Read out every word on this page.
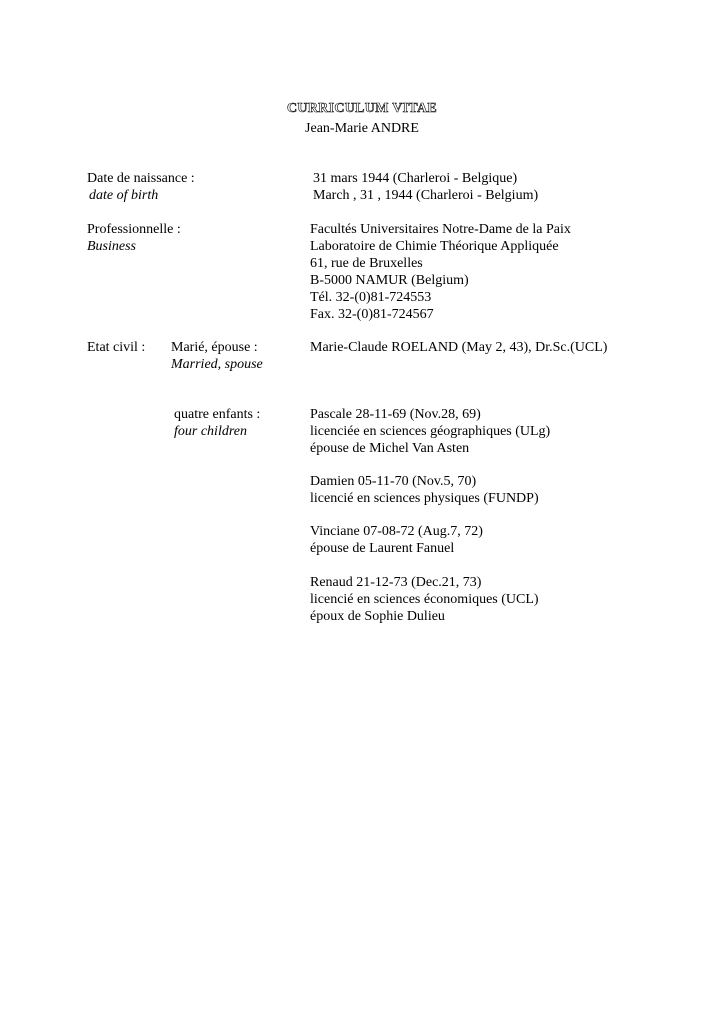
CURRICULUM VITAE
Jean-Marie ANDRE
Date de naissance :
date of birth
31 mars 1944 (Charleroi - Belgique)
March , 31 , 1944 (Charleroi - Belgium)
Professionnelle :
Business
Facultés Universitaires Notre-Dame de la Paix
Laboratoire de Chimie Théorique Appliquée
61, rue de Bruxelles
B-5000 NAMUR (Belgium)
Tél. 32-(0)81-724553
Fax. 32-(0)81-724567
Etat civil : Marié, épouse :
Married, spouse
Marie-Claude ROELAND (May 2, 43), Dr.Sc.(UCL)
quatre enfants :
four children
Pascale 28-11-69 (Nov.28, 69)
licenciée en sciences géographiques (ULg)
épouse de Michel Van Asten
Damien 05-11-70 (Nov.5, 70)
licencié en sciences physiques (FUNDP)
Vinciane 07-08-72 (Aug.7, 72)
épouse de Laurent Fanuel
Renaud 21-12-73 (Dec.21, 73)
licencié en sciences économiques (UCL)
époux de Sophie Dulieu
